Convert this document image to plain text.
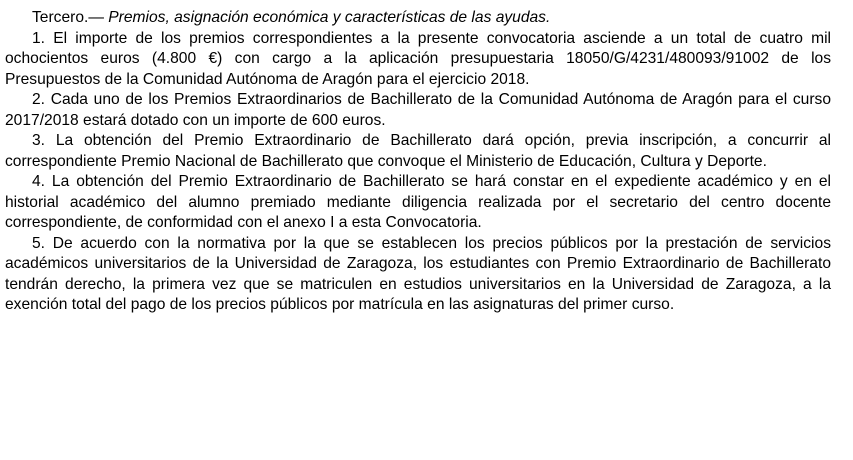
Tercero.— Premios, asignación económica y características de las ayudas.

1. El importe de los premios correspondientes a la presente convocatoria asciende a un total de cuatro mil ochocientos euros (4.800 €) con cargo a la aplicación presupuestaria 18050/G/4231/480093/91002 de los Presupuestos de la Comunidad Autónoma de Aragón para el ejercicio 2018.

2. Cada uno de los Premios Extraordinarios de Bachillerato de la Comunidad Autónoma de Aragón para el curso 2017/2018 estará dotado con un importe de 600 euros.

3. La obtención del Premio Extraordinario de Bachillerato dará opción, previa inscripción, a concurrir al correspondiente Premio Nacional de Bachillerato que convoque el Ministerio de Educación, Cultura y Deporte.

4. La obtención del Premio Extraordinario de Bachillerato se hará constar en el expediente académico y en el historial académico del alumno premiado mediante diligencia realizada por el secretario del centro docente correspondiente, de conformidad con el anexo I a esta Convocatoria.

5. De acuerdo con la normativa por la que se establecen los precios públicos por la prestación de servicios académicos universitarios de la Universidad de Zaragoza, los estudiantes con Premio Extraordinario de Bachillerato tendrán derecho, la primera vez que se matriculen en estudios universitarios en la Universidad de Zaragoza, a la exención total del pago de los precios públicos por matrícula en las asignaturas del primer curso.
